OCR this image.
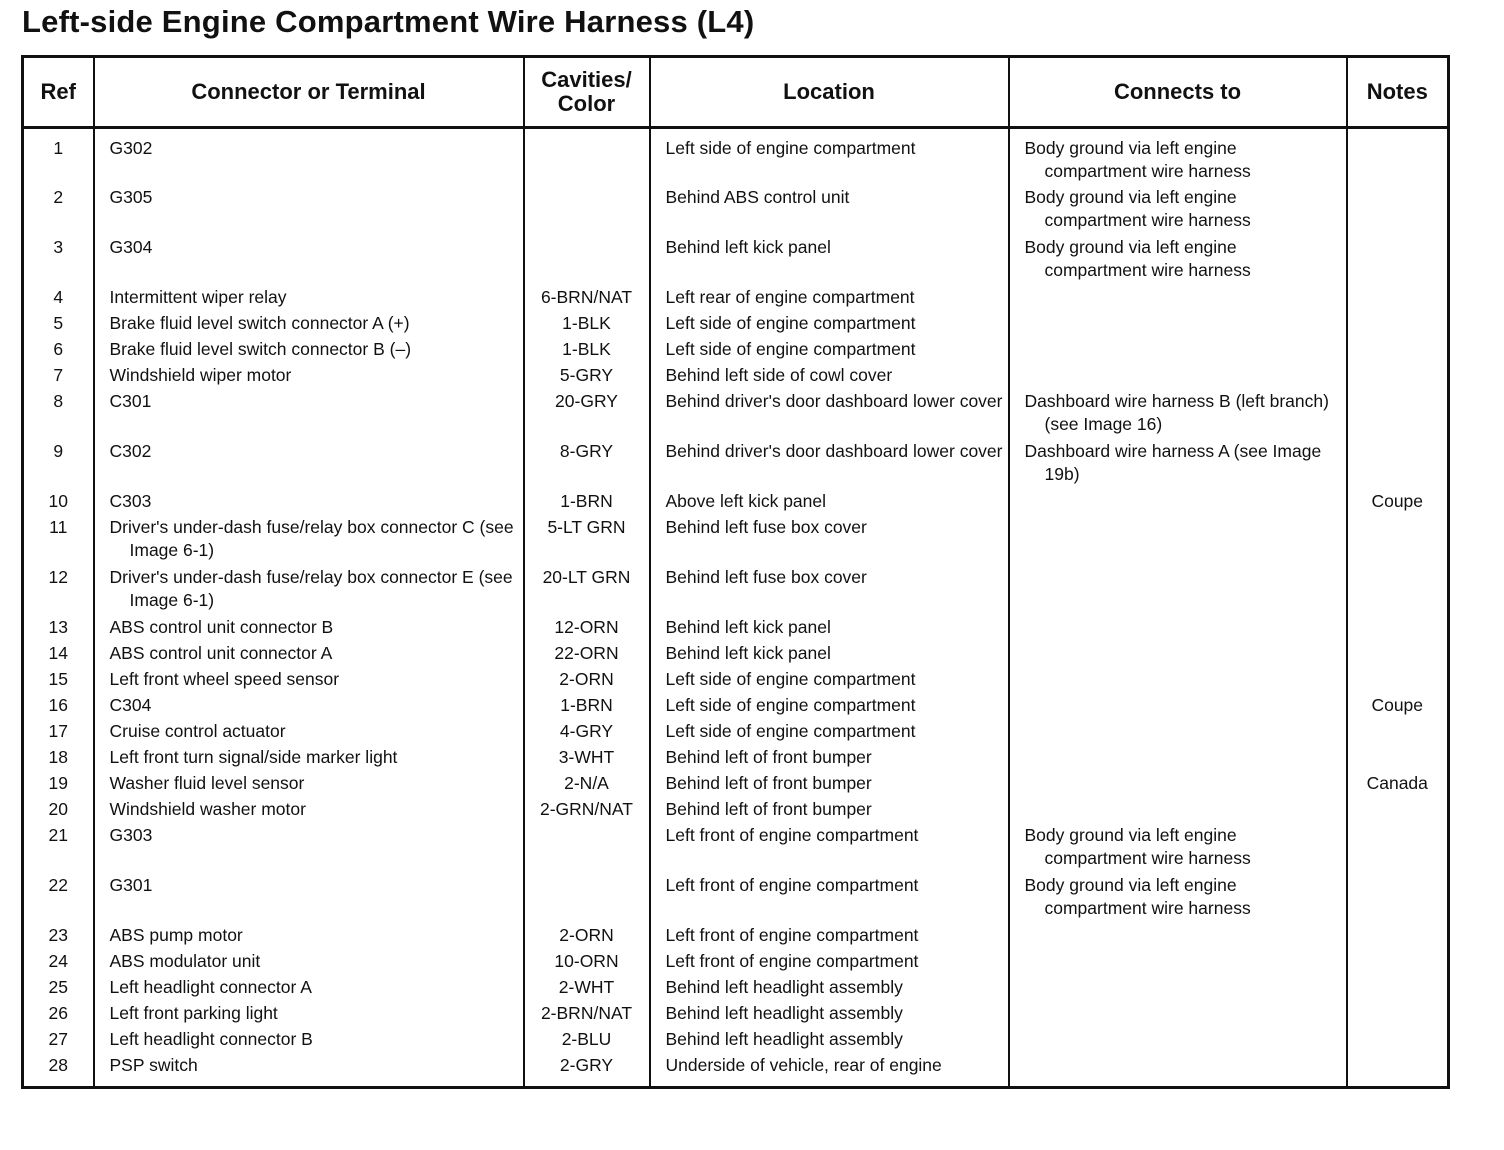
Left-side Engine Compartment Wire Harness (L4)
Ref	Connector or Terminal	Cavities/
Color	Location	Connects to	Notes
1	G302		Left side of engine compartment	Body ground via left engine compartment wire harness	

2	G305		Behind ABS control unit	Body ground via left engine compartment wire harness	

3	G304		Behind left kick panel	Body ground via left engine compartment wire harness	

4	Intermittent wiper relay	6-BRN/NAT	Left rear of engine compartment		

5	Brake fluid level switch connector A (+)	1-BLK	Left side of engine compartment		

6	Brake fluid level switch connector B (–)	1-BLK	Left side of engine compartment		

7	Windshield wiper motor	5-GRY	Behind left side of cowl cover		

8	C301	20-GRY	Behind driver's door dashboard lower cover	Dashboard wire harness B (left branch) (see Image 16)	

9	C302	8-GRY	Behind driver's door dashboard lower cover	Dashboard wire harness A (see Image 19b)	

10	C303	1-BRN	Above left kick panel		Coupe
11	Driver's under-dash fuse/relay box connector C (see Image 6-1)	5-LT GRN	Behind left fuse box cover		

12	Driver's under-dash fuse/relay box connector E (see Image 6-1)	20-LT GRN	Behind left fuse box cover		

13	ABS control unit connector B	12-ORN	Behind left kick panel		

14	ABS control unit connector A	22-ORN	Behind left kick panel		

15	Left front wheel speed sensor	2-ORN	Left side of engine compartment		

16	C304	1-BRN	Left side of engine compartment		Coupe
17	Cruise control actuator	4-GRY	Left side of engine compartment		

18	Left front turn signal/side marker light	3-WHT	Behind left of front bumper		

19	Washer fluid level sensor	2-N/A	Behind left of front bumper		Canada
20	Windshield washer motor	2-GRN/NAT	Behind left of front bumper		

21	G303		Left front of engine compartment	Body ground via left engine compartment wire harness	

22	G301		Left front of engine compartment	Body ground via left engine compartment wire harness	

23	ABS pump motor	2-ORN	Left front of engine compartment		

24	ABS modulator unit	10-ORN	Left front of engine compartment		

25	Left headlight connector A	2-WHT	Behind left headlight assembly		

26	Left front parking light	2-BRN/NAT	Behind left headlight assembly		

27	Left headlight connector B	2-BLU	Behind left headlight assembly		

28	PSP switch	2-GRY	Underside of vehicle, rear of engine		
